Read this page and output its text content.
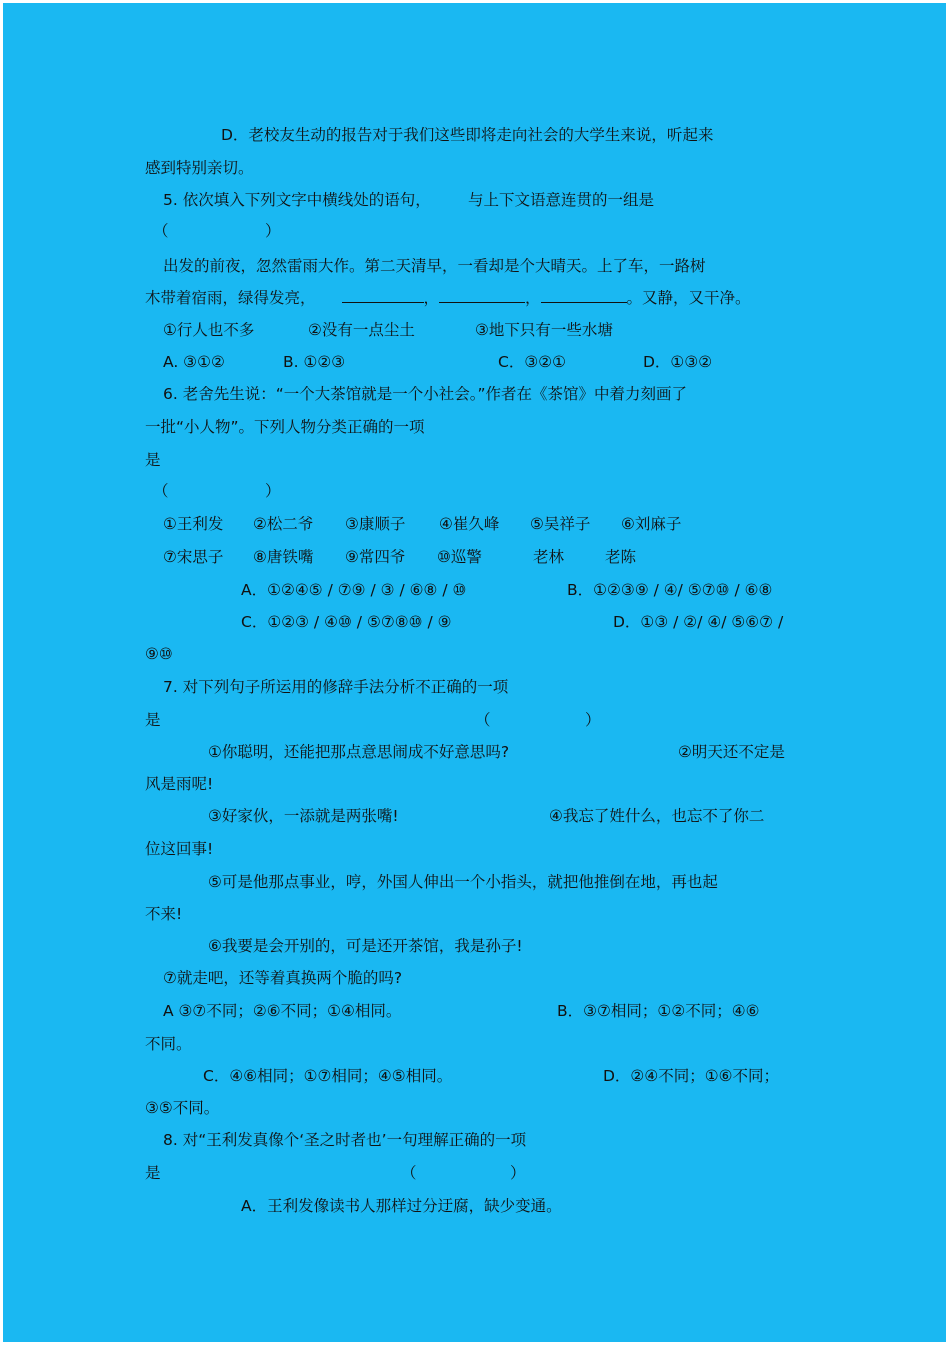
D．老校友生动的报告对于我们这些即将走向社会的大学生来说，听起来
感到特别亲切。
5. 依次填入下列文字中横线处的语句， 与上下文语意连贯的一组是
（	）
出发的前夜，忽然雷雨大作。第二天清早，一看却是个大晴天。上了车，一路树
木带着宿雨，绿得发亮，	，	，	。又静，又干净。
①行人也不多	②没有一点尘土	③地下只有一些水塘
A. ③①②	B. ①②③	C．③②①	D．①③②
6. 老舍先生说：“一个大茶馆就是一个小社会。”作者在《茶馆》中着力刻画了
一批“小人物”。下列人物分类正确的一项
是
（	）
①王利发 ②松二爷 ③康顺子 ④崔久峰 ⑤吴祥子 ⑥刘麻子
⑦宋思子 ⑧唐铁嘴 ⑨常四爷 ⑩巡警	老林	老陈
A．①②④⑤ / ⑦⑨ / ③ / ⑥⑧ / ⑩	B．①②③⑨ / ④/ ⑤⑦⑩ / ⑥⑧
C．①②③ / ④⑩ / ⑤⑦⑧⑩ / ⑨	D．①③ / ②/ ④/ ⑤⑥⑦ /
⑨⑩
7. 对下列句子所运用的修辞手法分析不正确的一项
是	（	）
①你聪明，还能把那点意思闹成不好意思吗?	②明天还不定是
风是雨呢!
③好家伙，一添就是两张嘴!	④我忘了姓什么，也忘不了你二
位这回事!
⑤可是他那点事业，哼，外国人伸出一个小指头，就把他推倒在地，再也起
不来!
⑥我要是会开别的，可是还开茶馆，我是孙子!
⑦就走吧，还等着真换两个脆的吗?
A ③⑦不同；②⑥不同；①④相同。	B．③⑦相同；①②不同；④⑥
不同。
C．④⑥相同；①⑦相同；④⑤相同。	D．②④不同；①⑥不同；
③⑤不同。
8. 对“王利发真像个‘圣之时者也’一句理解正确的一项
是	（	）
A．王利发像读书人那样过分迂腐，缺少变通。
